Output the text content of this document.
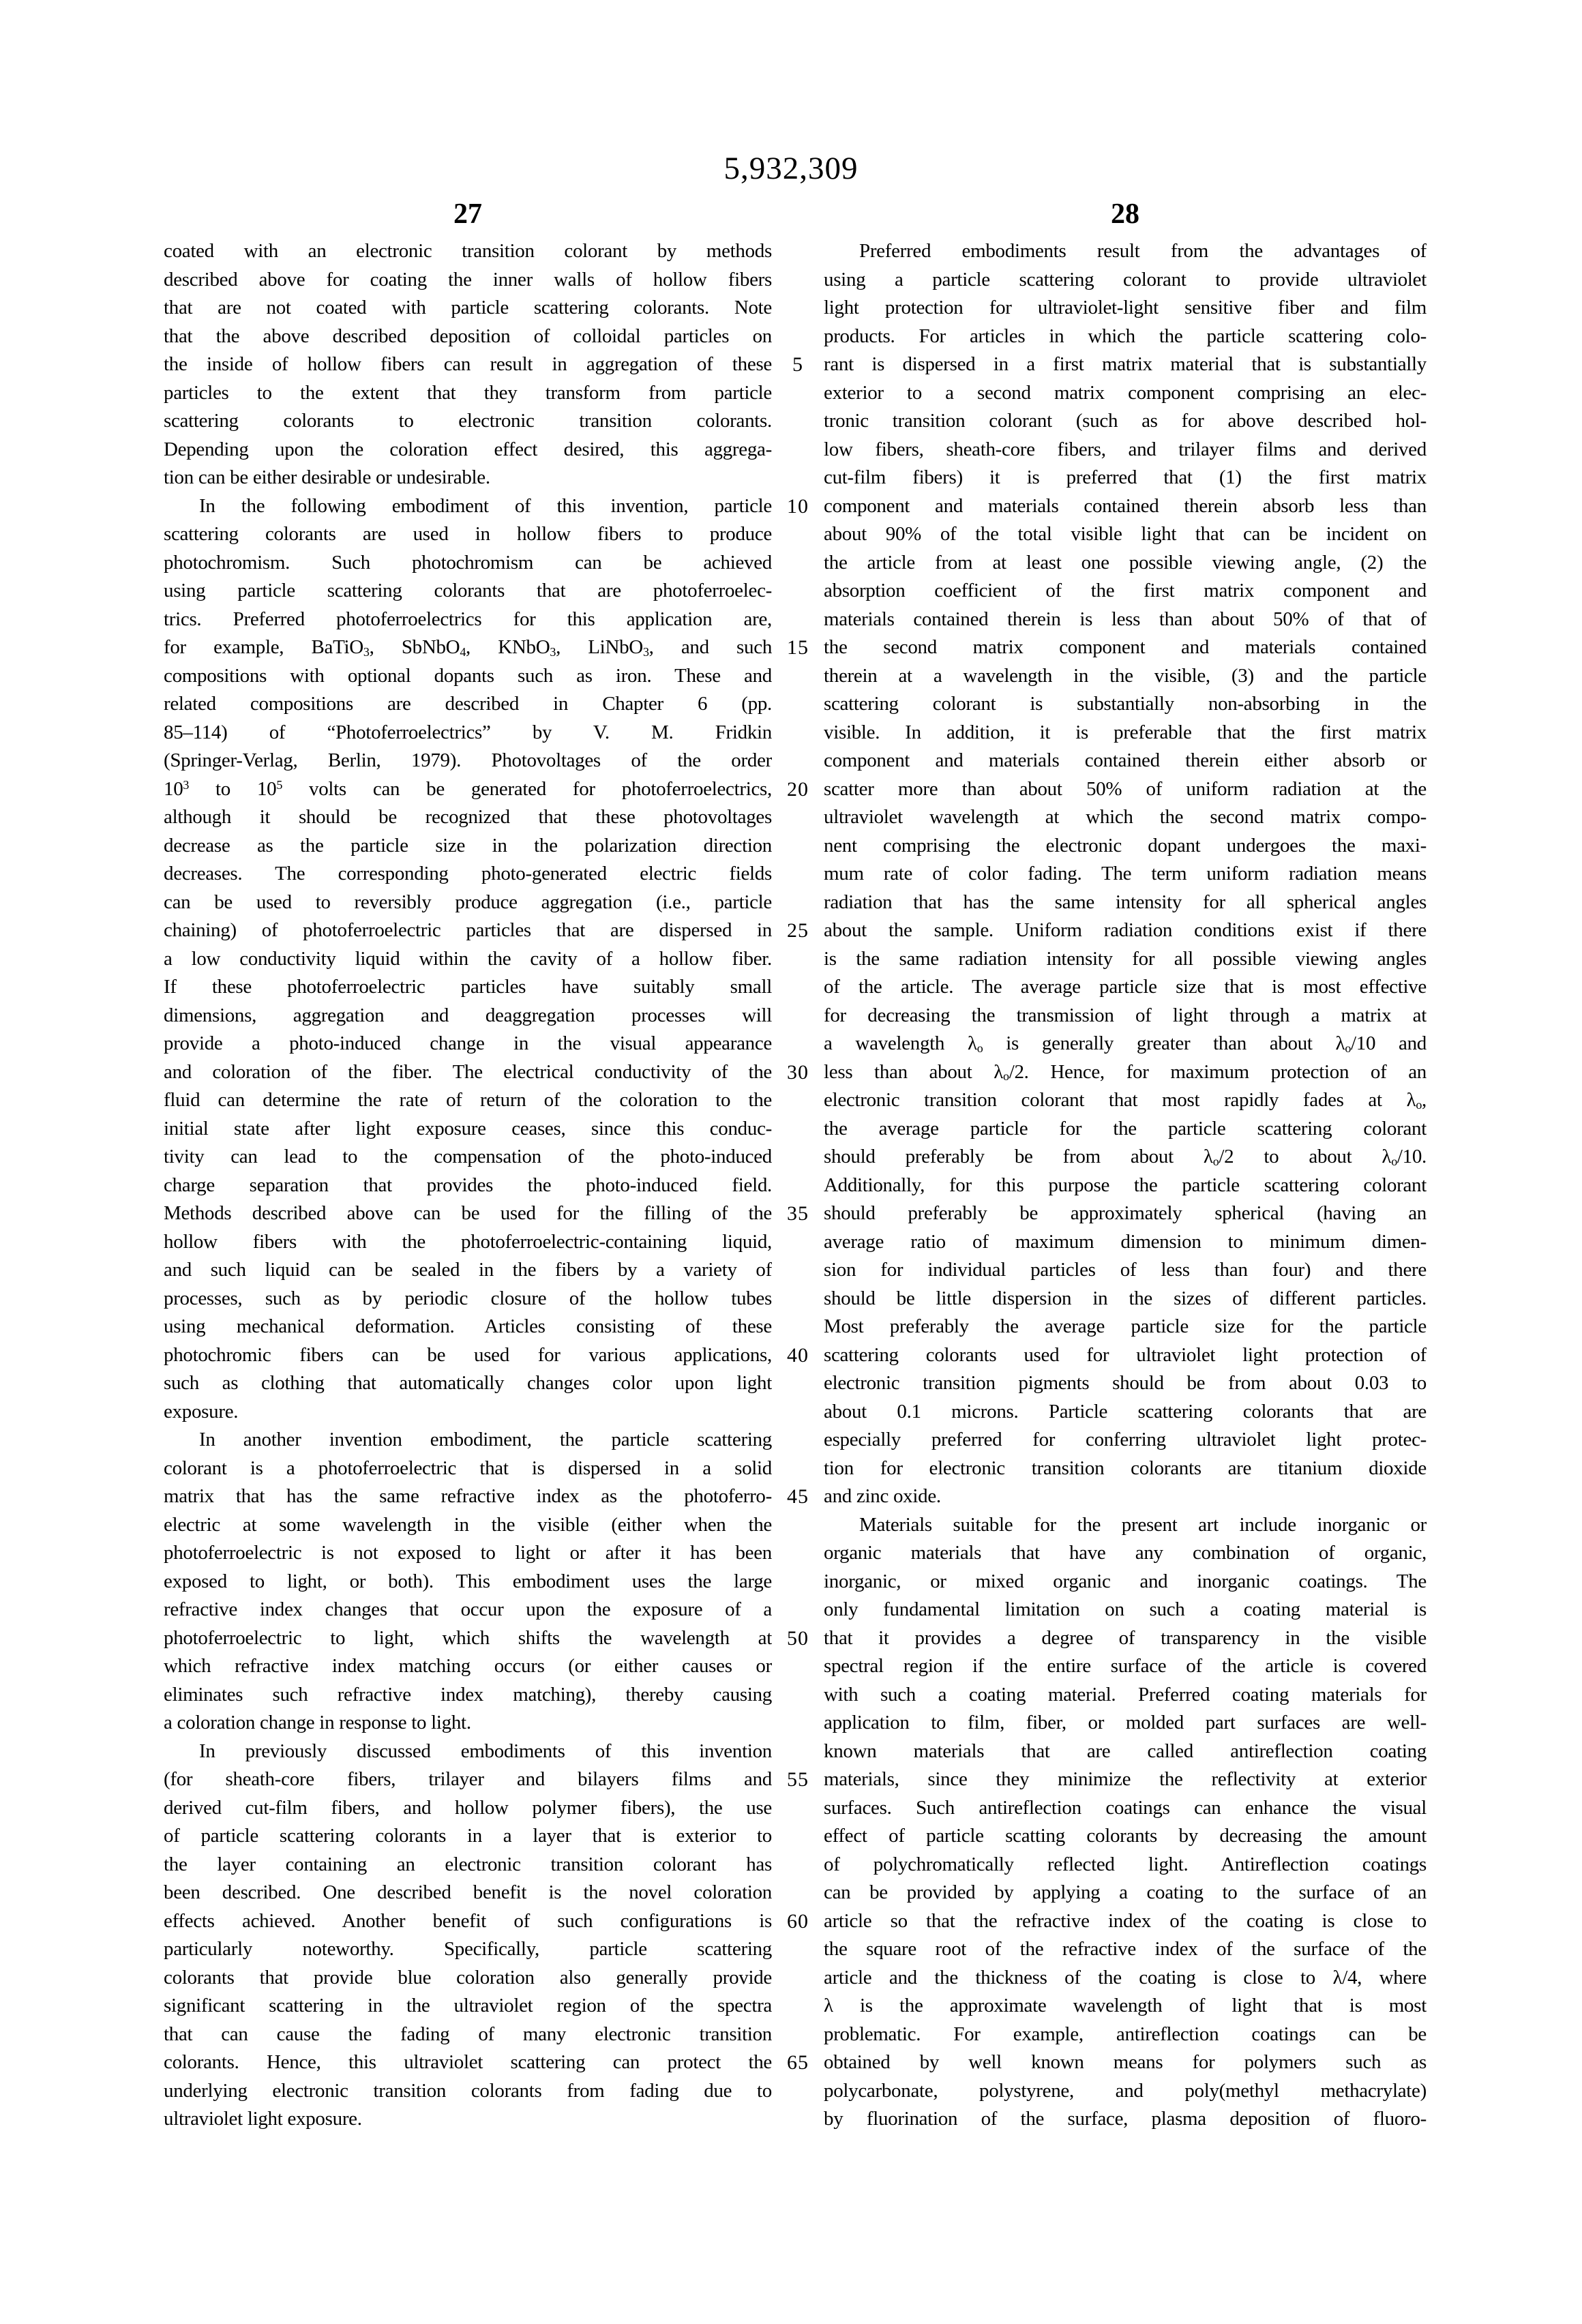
5,932,309
27	28
coated with an electronic transition colorant by methods
described above for coating the inner walls of hollow fibers
that are not coated with particle scattering colorants. Note
that the above described deposition of colloidal particles on
the inside of hollow fibers can result in aggregation of these
particles to the extent that they transform from particle
scattering colorants to electronic transition colorants.
Depending upon the coloration effect desired, this aggrega-
tion can be either desirable or undesirable.
In the following embodiment of this invention, particle
scattering colorants are used in hollow fibers to produce
photochromism. Such photochromism can be achieved
using particle scattering colorants that are photoferroelec-
trics. Preferred photoferroelectrics for this application are,
for example, BaTiO$_3$, SbNbO$_4$, KNbO$_3$, LiNbO$_3$, and such
compositions with optional dopants such as iron. These and
related compositions are described in Chapter 6 (pp.
85–114) of “Photoferroelectrics” by V. M. Fridkin
(Springer-Verlag, Berlin, 1979). Photovoltages of the order
$10^3$ to $10^5$ volts can be generated for photoferroelectrics,
although it should be recognized that these photovoltages
decrease as the particle size in the polarization direction
decreases. The corresponding photo-generated electric fields
can be used to reversibly produce aggregation (i.e., particle
chaining) of photoferroelectric particles that are dispersed in
a low conductivity liquid within the cavity of a hollow fiber.
If these photoferroelectric particles have suitably small
dimensions, aggregation and deaggregation processes will
provide a photo-induced change in the visual appearance
and coloration of the fiber. The electrical conductivity of the
fluid can determine the rate of return of the coloration to the
initial state after light exposure ceases, since this conduc-
tivity can lead to the compensation of the photo-induced
charge separation that provides the photo-induced field.
Methods described above can be used for the filling of the
hollow fibers with the photoferroelectric-containing liquid,
and such liquid can be sealed in the fibers by a variety of
processes, such as by periodic closure of the hollow tubes
using mechanical deformation. Articles consisting of these
photochromic fibers can be used for various applications,
such as clothing that automatically changes color upon light
exposure.
In another invention embodiment, the particle scattering
colorant is a photoferroelectric that is dispersed in a solid
matrix that has the same refractive index as the photoferro-
electric at some wavelength in the visible (either when the
photoferroelectric is not exposed to light or after it has been
exposed to light, or both). This embodiment uses the large
refractive index changes that occur upon the exposure of a
photoferroelectric to light, which shifts the wavelength at
which refractive index matching occurs (or either causes or
eliminates such refractive index matching), thereby causing
a coloration change in response to light.
In previously discussed embodiments of this invention
(for sheath-core fibers, trilayer and bilayers films and
derived cut-film fibers, and hollow polymer fibers), the use
of particle scattering colorants in a layer that is exterior to
the layer containing an electronic transition colorant has
been described. One described benefit is the novel coloration
effects achieved. Another benefit of such configurations is
particularly noteworthy. Specifically, particle scattering
colorants that provide blue coloration also generally provide
significant scattering in the ultraviolet region of the spectra
that can cause the fading of many electronic transition
colorants. Hence, this ultraviolet scattering can protect the
underlying electronic transition colorants from fading due to
ultraviolet light exposure.
5
10
15
20
25
30
35
40
45
50
55
60
65
Preferred embodiments result from the advantages of
using a particle scattering colorant to provide ultraviolet
light protection for ultraviolet-light sensitive fiber and film
products. For articles in which the particle scattering colo-
rant is dispersed in a first matrix material that is substantially
exterior to a second matrix component comprising an elec-
tronic transition colorant (such as for above described hol-
low fibers, sheath-core fibers, and trilayer films and derived
cut-film fibers) it is preferred that (1) the first matrix
component and materials contained therein absorb less than
about 90% of the total visible light that can be incident on
the article from at least one possible viewing angle, (2) the
absorption coefficient of the first matrix component and
materials contained therein is less than about 50% of that of
the second matrix component and materials contained
therein at a wavelength in the visible, (3) and the particle
scattering colorant is substantially non-absorbing in the
visible. In addition, it is preferable that the first matrix
component and materials contained therein either absorb or
scatter more than about 50% of uniform radiation at the
ultraviolet wavelength at which the second matrix compo-
nent comprising the electronic dopant undergoes the maxi-
mum rate of color fading. The term uniform radiation means
radiation that has the same intensity for all spherical angles
about the sample. Uniform radiation conditions exist if there
is the same radiation intensity for all possible viewing angles
of the article. The average particle size that is most effective
for decreasing the transmission of light through a matrix at
a wavelength $\lambda_o$ is generally greater than about $\lambda_o/10$ and
less than about $\lambda_o/2$. Hence, for maximum protection of an
electronic transition colorant that most rapidly fades at $\lambda_o$,
the average particle for the particle scattering colorant
should preferably be from about $\lambda_o/2$ to about $\lambda_o/10$.
Additionally, for this purpose the particle scattering colorant
should preferably be approximately spherical (having an
average ratio of maximum dimension to minimum dimen-
sion for individual particles of less than four) and there
should be little dispersion in the sizes of different particles.
Most preferably the average particle size for the particle
scattering colorants used for ultraviolet light protection of
electronic transition pigments should be from about 0.03 to
about 0.1 microns. Particle scattering colorants that are
especially preferred for conferring ultraviolet light protec-
tion for electronic transition colorants are titanium dioxide
and zinc oxide.
Materials suitable for the present art include inorganic or
organic materials that have any combination of organic,
inorganic, or mixed organic and inorganic coatings. The
only fundamental limitation on such a coating material is
that it provides a degree of transparency in the visible
spectral region if the entire surface of the article is covered
with such a coating material. Preferred coating materials for
application to film, fiber, or molded part surfaces are well-
known materials that are called antireflection coating
materials, since they minimize the reflectivity at exterior
surfaces. Such antireflection coatings can enhance the visual
effect of particle scatting colorants by decreasing the amount
of polychromatically reflected light. Antireflection coatings
can be provided by applying a coating to the surface of an
article so that the refractive index of the coating is close to
the square root of the refractive index of the surface of the
article and the thickness of the coating is close to λ/4, where
λ is the approximate wavelength of light that is most
problematic. For example, antireflection coatings can be
obtained by well known means for polymers such as
polycarbonate, polystyrene, and poly(methyl methacrylate)
by fluorination of the surface, plasma deposition of fluoro-
